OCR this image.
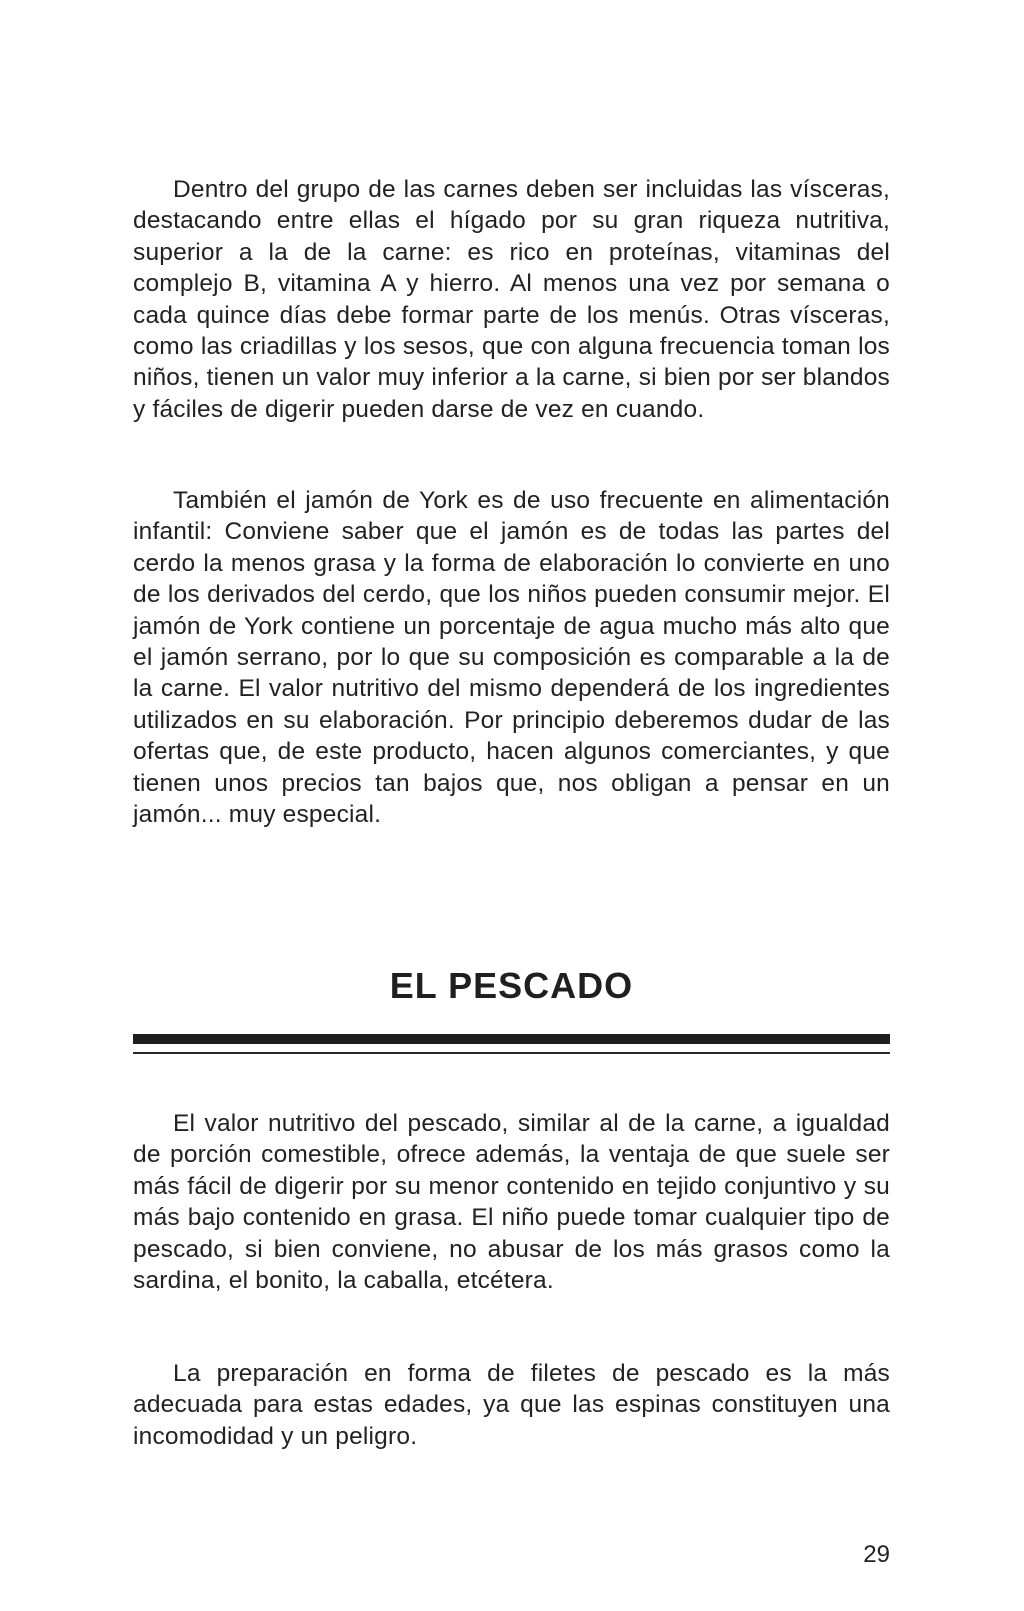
Dentro del grupo de las carnes deben ser incluidas las vísceras, destacando entre ellas el hígado por su gran riqueza nutritiva, superior a la de la carne: es rico en proteínas, vitaminas del complejo B, vitamina A y hierro. Al menos una vez por semana o cada quince días debe formar parte de los menús. Otras vísceras, como las criadillas y los sesos, que con alguna frecuencia toman los niños, tienen un valor muy inferior a la carne, si bien por ser blandos y fáciles de digerir pueden darse de vez en cuando.

También el jamón de York es de uso frecuente en alimentación infantil: Conviene saber que el jamón es de todas las partes del cerdo la menos grasa y la forma de elaboración lo convierte en uno de los derivados del cerdo, que los niños pueden consumir mejor. El jamón de York contiene un porcentaje de agua mucho más alto que el jamón serrano, por lo que su composición es comparable a la de la carne. El valor nutritivo del mismo dependerá de los ingredientes utilizados en su elaboración. Por principio deberemos dudar de las ofertas que, de este producto, hacen algunos comerciantes, y que tienen unos precios tan bajos que, nos obligan a pensar en un jamón... muy especial.

EL PESCADO

El valor nutritivo del pescado, similar al de la carne, a igualdad de porción comestible, ofrece además, la ventaja de que suele ser más fácil de digerir por su menor contenido en tejido conjuntivo y su más bajo contenido en grasa. El niño puede tomar cualquier tipo de pescado, si bien conviene, no abusar de los más grasos como la sardina, el bonito, la caballa, etcétera.

La preparación en forma de filetes de pescado es la más adecuada para estas edades, ya que las espinas constituyen una incomodidad y un peligro.

29
